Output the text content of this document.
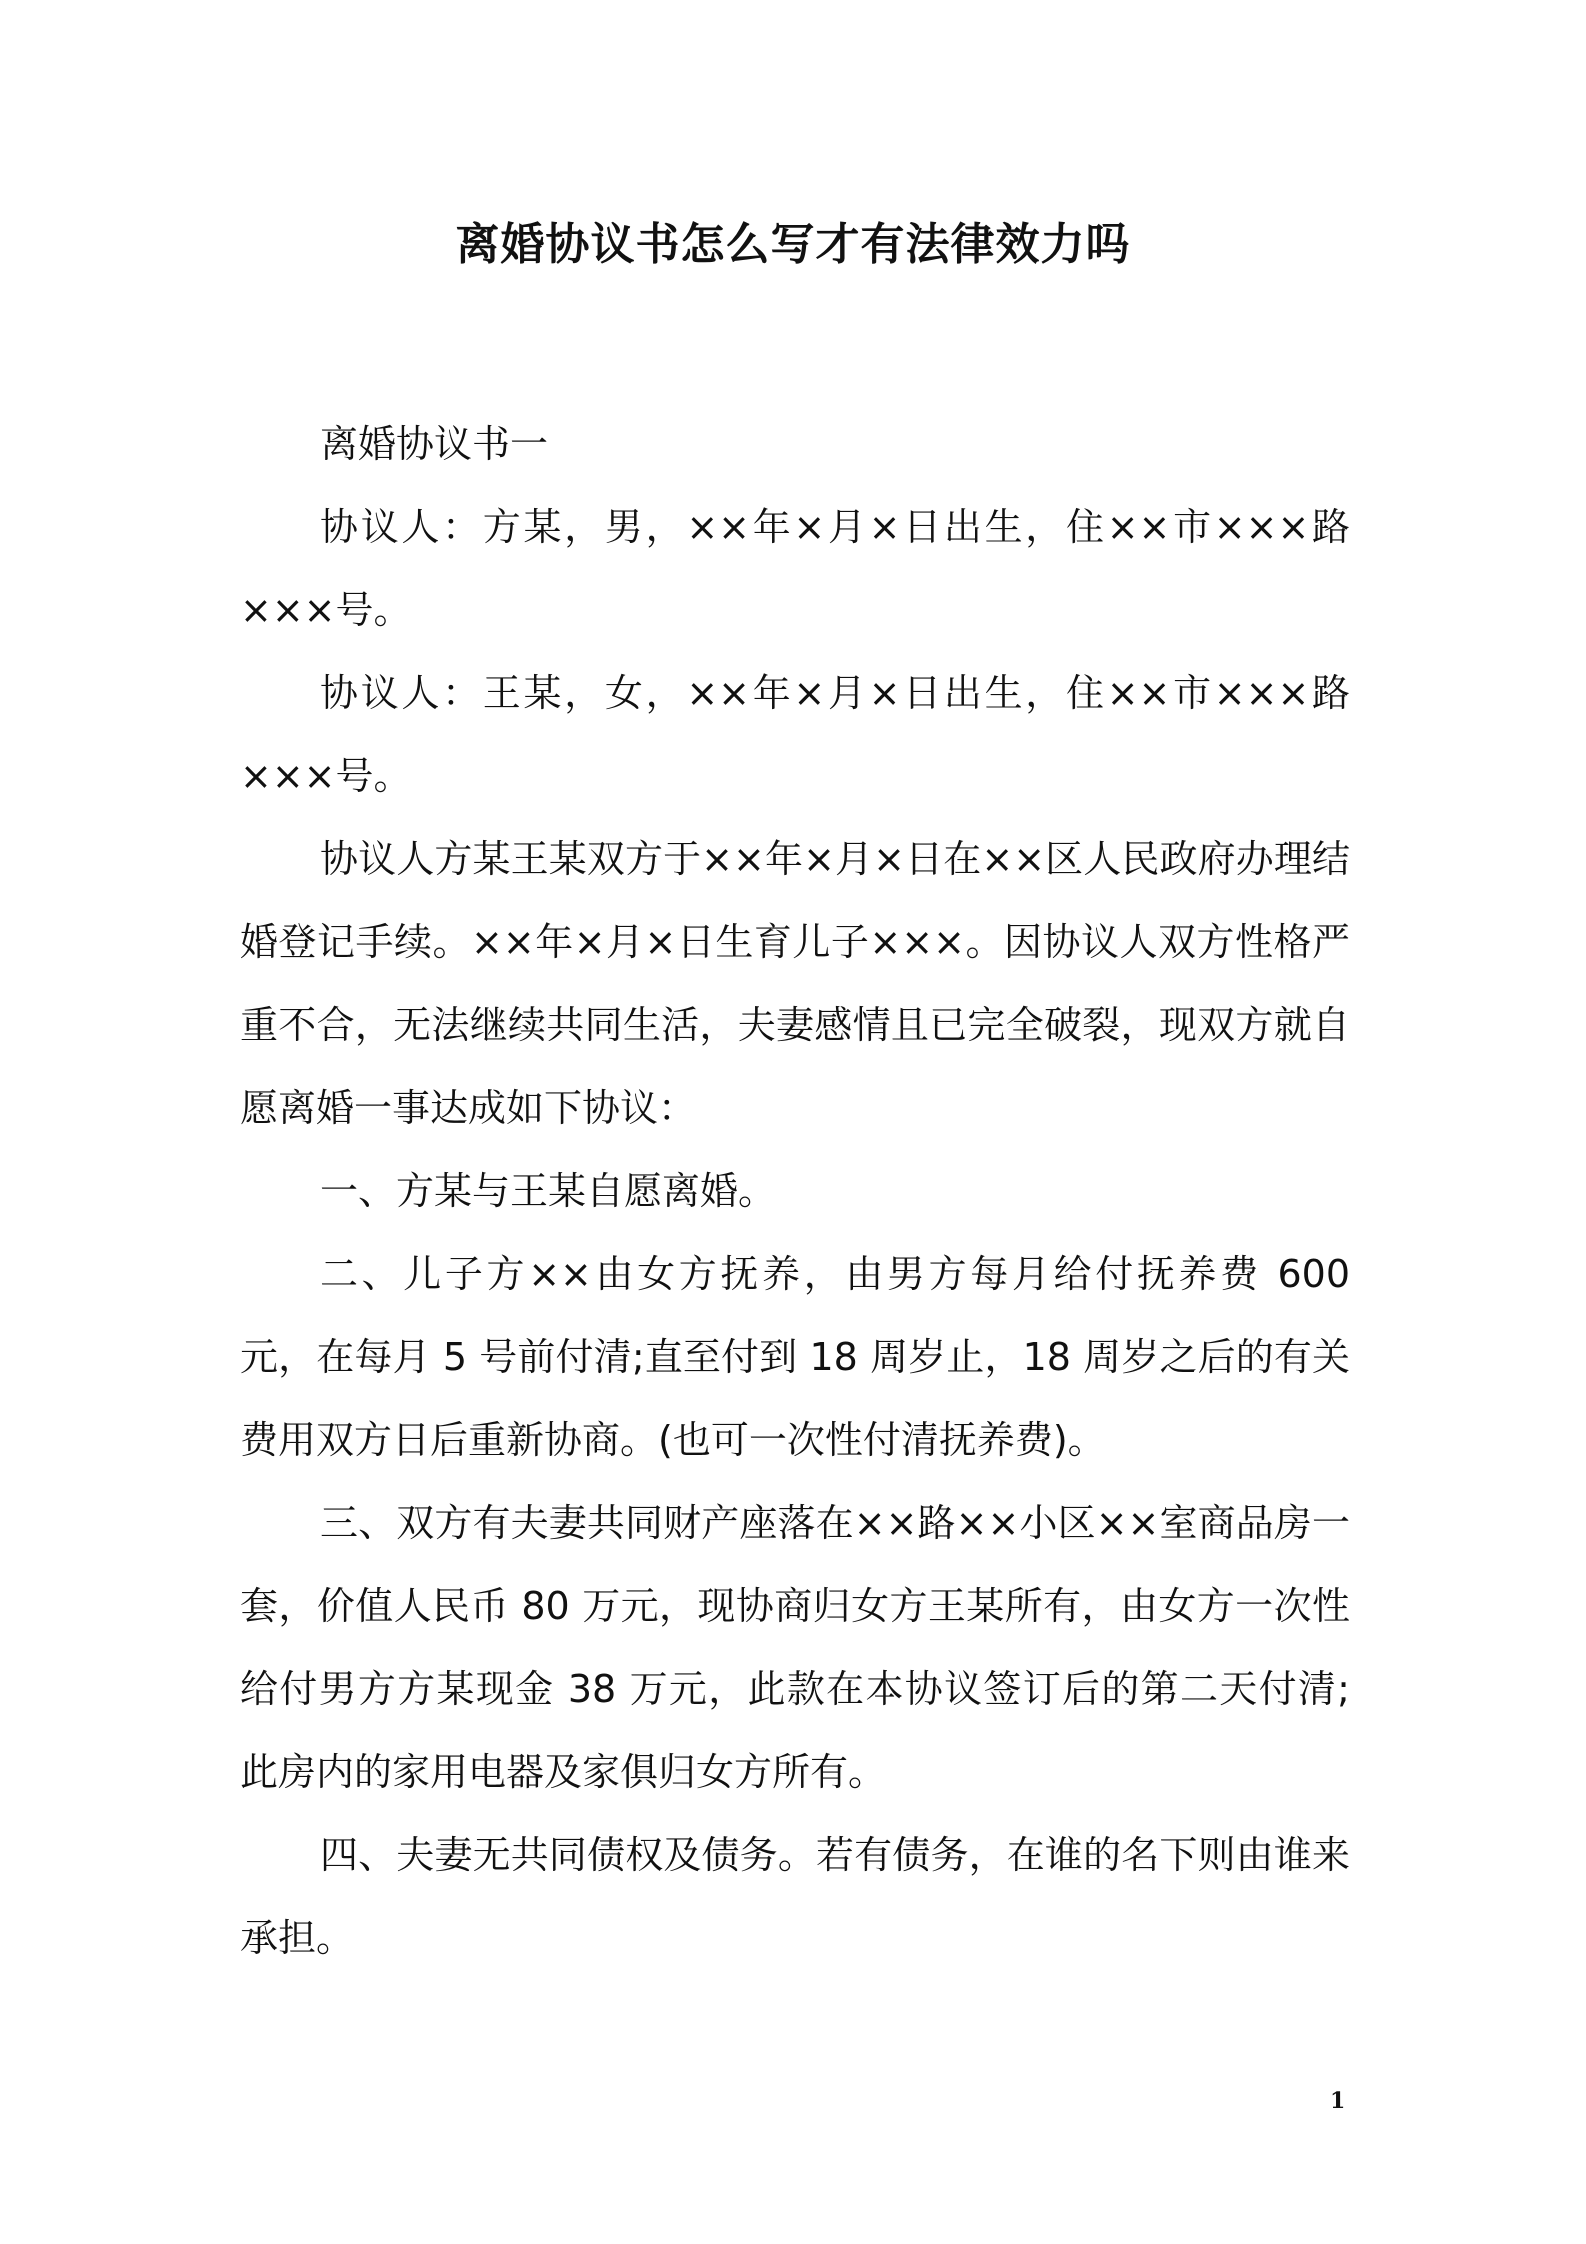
离婚协议书怎么写才有法律效力吗

离婚协议书一

协议人：方某，男，××年×月×日出生，住××市×××路×××号。

协议人：王某，女，××年×月×日出生，住××市×××路×××号。

协议人方某王某双方于××年×月×日在××区人民政府办理结婚登记手续。××年×月×日生育儿子×××。因协议人双方性格严重不合，无法继续共同生活，夫妻感情且已完全破裂，现双方就自愿离婚一事达成如下协议：

一、方某与王某自愿离婚。

二、儿子方××由女方抚养，由男方每月给付抚养费 600 元，在每月 5 号前付清;直至付到 18 周岁止，18 周岁之后的有关费用双方日后重新协商。(也可一次性付清抚养费)。

三、双方有夫妻共同财产座落在××路××小区××室商品房一套，价值人民币 80 万元，现协商归女方王某所有，由女方一次性给付男方方某现金 38 万元，此款在本协议签订后的第二天付清;此房内的家用电器及家俱归女方所有。

四、夫妻无共同债权及债务。若有债务，在谁的名下则由谁来承担。

1
